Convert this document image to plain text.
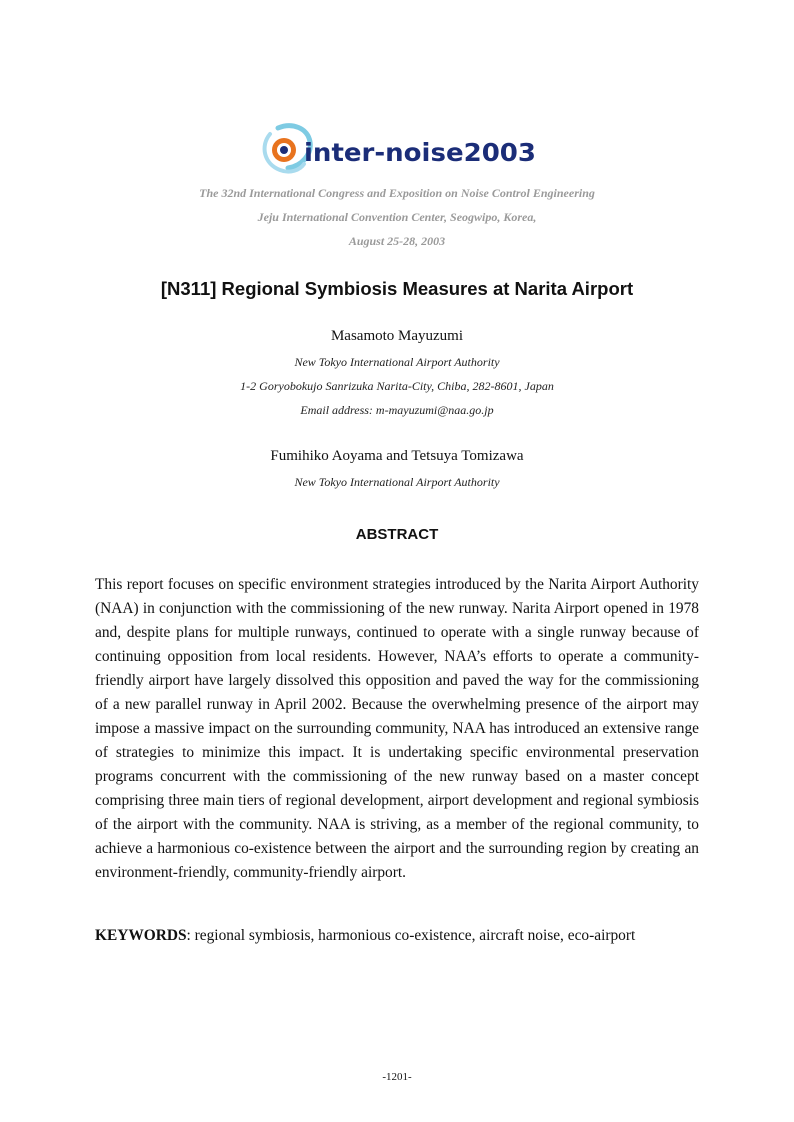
inter-noise2003
The 32nd International Congress and Exposition on Noise Control Engineering
Jeju International Convention Center, Seogwipo, Korea,
August 25-28, 2003
[N311] Regional Symbiosis Measures at Narita Airport
Masamoto Mayuzumi
New Tokyo International Airport Authority
1-2 Goryobokujo Sanrizuka Narita-City, Chiba, 282-8601, Japan
Email address: m-mayuzumi@naa.go.jp
Fumihiko Aoyama and Tetsuya Tomizawa
New Tokyo International Airport Authority
ABSTRACT

This report focuses on specific environment strategies introduced by the Narita Airport Authority (NAA) in conjunction with the commissioning of the new runway. Narita Airport opened in 1978 and, despite plans for multiple runways, continued to operate with a single runway because of continuing opposition from local residents. However, NAA’s efforts to operate a community-friendly airport have largely dissolved this opposition and paved the way for the commissioning of a new parallel runway in April 2002. Because the overwhelming presence of the airport may impose a massive impact on the surrounding community, NAA has introduced an extensive range of strategies to minimize this impact. It is undertaking specific environmental preservation programs concurrent with the commissioning of the new runway based on a master concept comprising three main tiers of regional development, airport development and regional symbiosis of the airport with the community. NAA is striving, as a member of the regional community, to achieve a harmonious co-existence between the airport and the surrounding region by creating an environment-friendly, community-friendly airport.

KEYWORDS: regional symbiosis, harmonious co-existence, aircraft noise, eco-airport
-1201-
